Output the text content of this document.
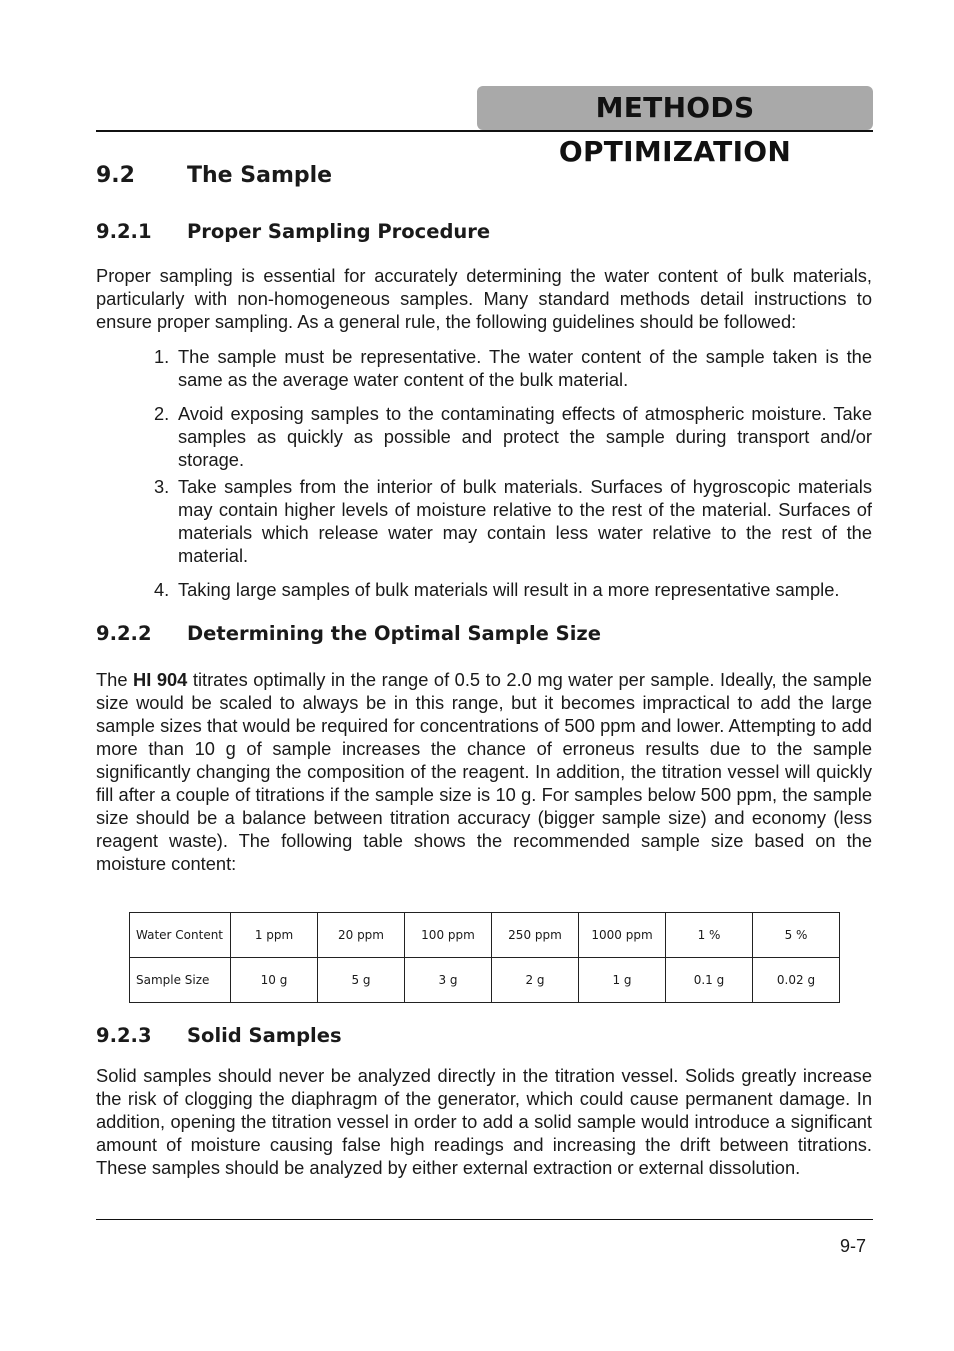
METHODS OPTIMIZATION
9.2 The Sample
9.2.1 Proper Sampling Procedure
Proper sampling is essential for accurately determining the water content of bulk materials, particularly with non-homogeneous samples. Many standard methods detail instructions to ensure proper sampling. As a general rule, the following guidelines should be followed:
1. The sample must be representative. The water content of the sample taken is the same as the average water content of the bulk material.
2. Avoid exposing samples to the contaminating effects of atmospheric moisture. Take samples as quickly as possible and protect the sample during transport and/or storage.
3. Take samples from the interior of bulk materials. Surfaces of hygroscopic materials may contain higher levels of moisture relative to the rest of the material. Surfaces of materials which release water may contain less water relative to the rest of the material.
4. Taking large samples of bulk materials will result in a more representative sample.
9.2.2 Determining the Optimal Sample Size
The HI 904 titrates optimally in the range of 0.5 to 2.0 mg water per sample. Ideally, the sample size would be scaled to always be in this range, but it becomes impractical to add the large sample sizes that would be required for concentrations of 500 ppm and lower. Attempting to add more than 10 g of sample increases the chance of erroneus results due to the sample significantly changing the composition of the reagent. In addition, the titration vessel will quickly fill after a couple of titrations if the sample size is 10 g. For samples below 500 ppm, the sample size should be a balance between titration accuracy (bigger sample size) and economy (less reagent waste). The following table shows the recommended sample size based on the moisture content:
Water Content	1 ppm	20 ppm	100 ppm	250 ppm	1000 ppm	1 %	5 %
Sample Size	10 g	5 g	3 g	2 g	1 g	0.1 g	0.02 g
9.2.3 Solid Samples
Solid samples should never be analyzed directly in the titration vessel. Solids greatly increase the risk of clogging the diaphragm of the generator, which could cause permanent damage. In addition, opening the titration vessel in order to add a solid sample would introduce a significant amount of moisture causing false high readings and increasing the drift between titrations. These samples should be analyzed by either external extraction or external dissolution.
9-7
